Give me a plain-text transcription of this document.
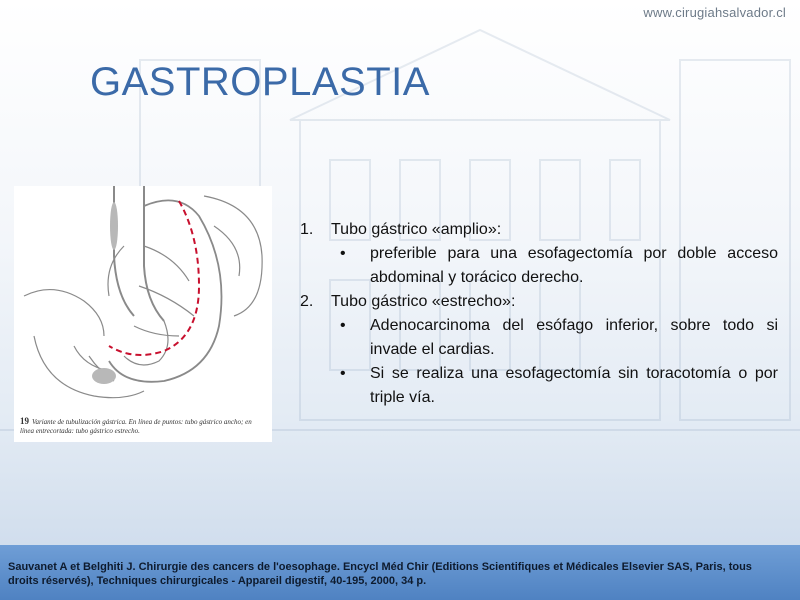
www.cirugiahsalvador.cl
GASTROPLASTIA
19 Variante de tubulización gástrica. En línea de puntos: tubo gástrico ancho; en línea entrecortada: tubo gástrico estrecho.
1. Tubo gástrico «amplio»:
• preferible para una esofagectomía por doble acceso abdominal y torácico derecho.
2. Tubo gástrico «estrecho»:
• Adenocarcinoma del esófago inferior, sobre todo si invade el cardias.
• Si se realiza una esofagectomía sin toracotomía o por triple vía.
Sauvanet A et Belghiti J. Chirurgie des cancers de l'oesophage. Encycl Méd Chir (Editions Scientifiques et Médicales Elsevier SAS, Paris, tous droits réservés), Techniques chirurgicales - Appareil digestif, 40-195, 2000, 34 p.
